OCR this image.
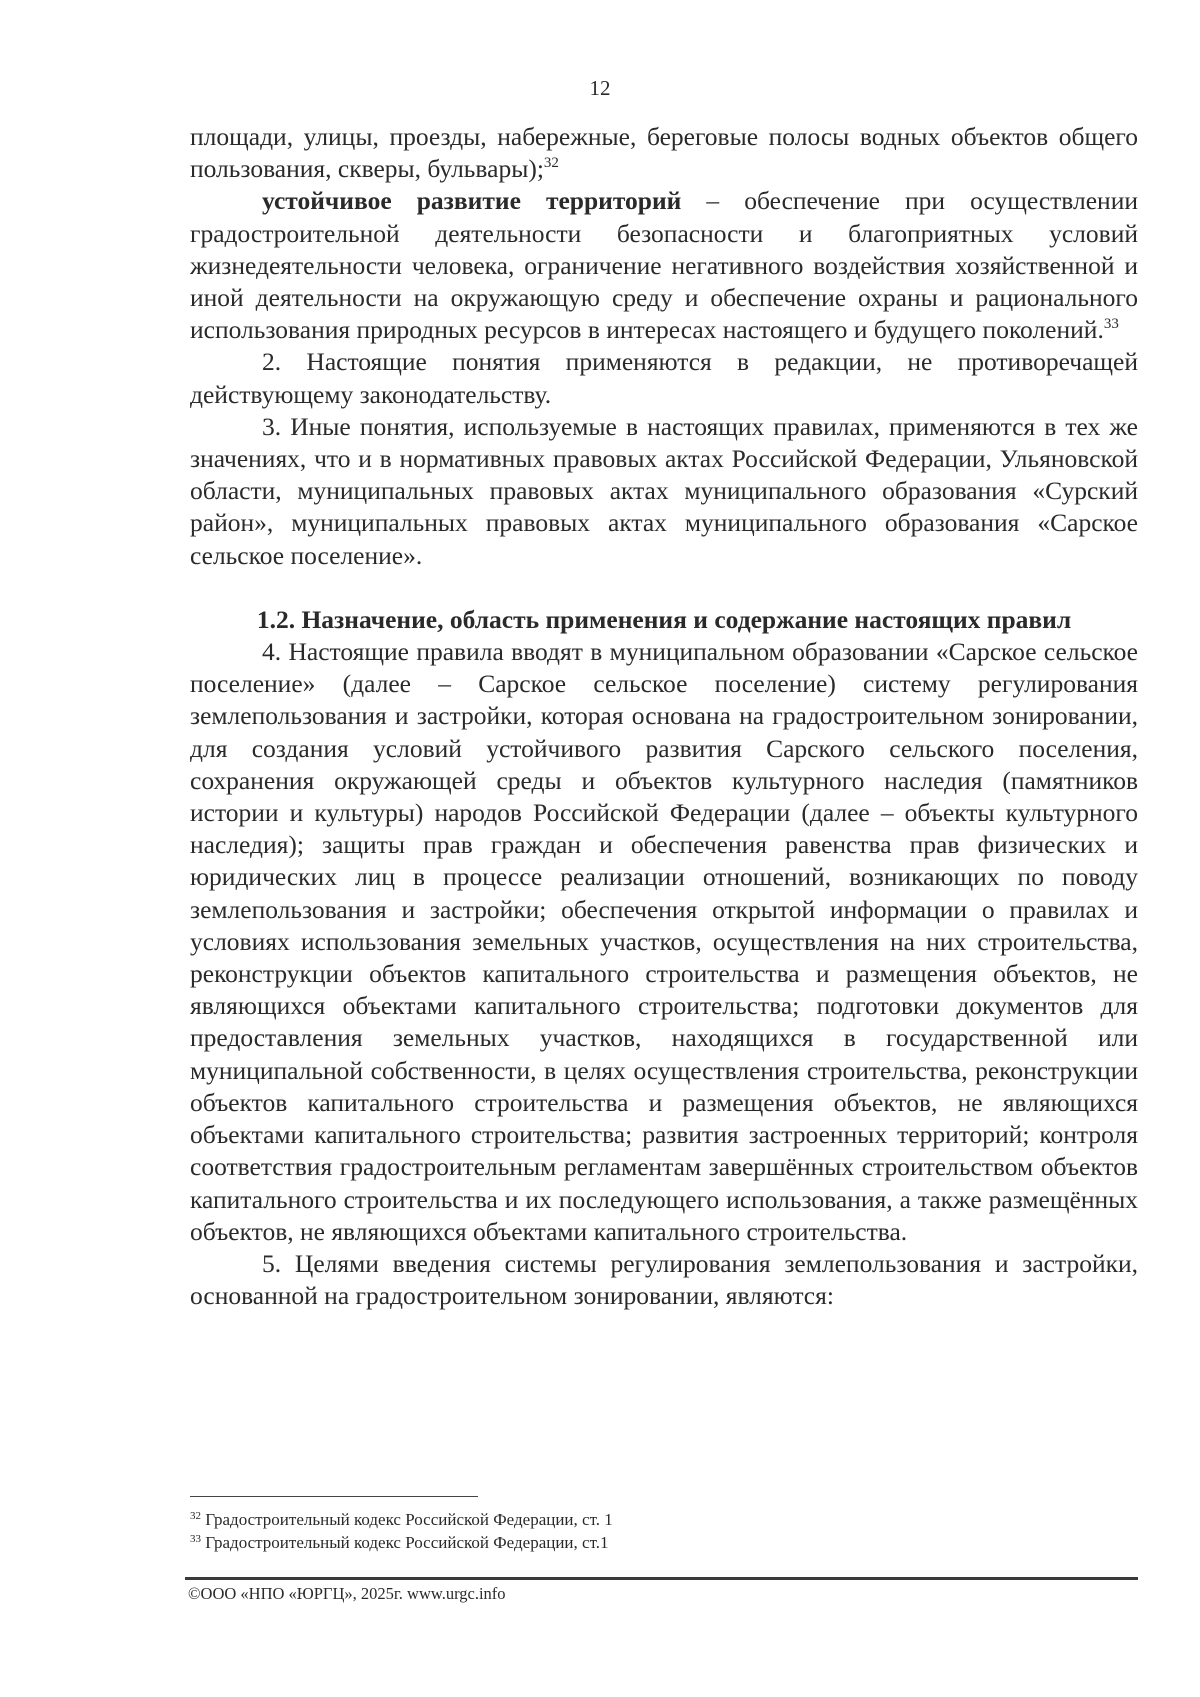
12

площади, улицы, проезды, набережные, береговые полосы водных объектов общего пользования, скверы, бульвары);$^{32}$

устойчивое развитие территорий – обеспечение при осуществлении градостроительной деятельности безопасности и благоприятных условий жизнедеятельности человека, ограничение негативного воздействия хозяйственной и иной деятельности на окружающую среду и обеспечение охраны и рационального использования природных ресурсов в интересах настоящего и будущего поколений.$^{33}$

2. Настоящие понятия применяются в редакции, не противоречащей действующему законодательству.

3. Иные понятия, используемые в настоящих правилах, применяются в тех же значениях, что и в нормативных правовых актах Российской Федерации, Ульяновской области, муниципальных правовых актах муниципального образования «Сурский район», муниципальных правовых актах муниципального образования «Сарское сельское поселение».

1.2. Назначение, область применения и содержание настоящих правил

4. Настоящие правила вводят в муниципальном образовании «Сарское сельское поселение» (далее – Сарское сельское поселение) систему регулирования землепользования и застройки, которая основана на градостроительном зонировании, для создания условий устойчивого развития Сарского сельского поселения, сохранения окружающей среды и объектов культурного наследия (памятников истории и культуры) народов Российской Федерации (далее – объекты культурного наследия); защиты прав граждан и обеспечения равенства прав физических и юридических лиц в процессе реализации отношений, возникающих по поводу землепользования и застройки; обеспечения открытой информации о правилах и условиях использования земельных участков, осуществления на них строительства, реконструкции объектов капитального строительства и размещения объектов, не являющихся объектами капитального строительства; подготовки документов для предоставления земельных участков, находящихся в государственной или муниципальной собственности, в целях осуществления строительства, реконструкции объектов капитального строительства и размещения объектов, не являющихся объектами капитального строительства; развития застроенных территорий; контроля соответствия градостроительным регламентам завершённых строительством объектов капитального строительства и их последующего использования, а также размещённых объектов, не являющихся объектами капитального строительства.

5. Целями введения системы регулирования землепользования и застройки, основанной на градостроительном зонировании, являются:

$^{32}$ Градостроительный кодекс Российской Федерации, ст. 1
$^{33}$ Градостроительный кодекс Российской Федерации, ст.1
©ООО «НПО «ЮРГЦ», 2025г. www.urgc.info
